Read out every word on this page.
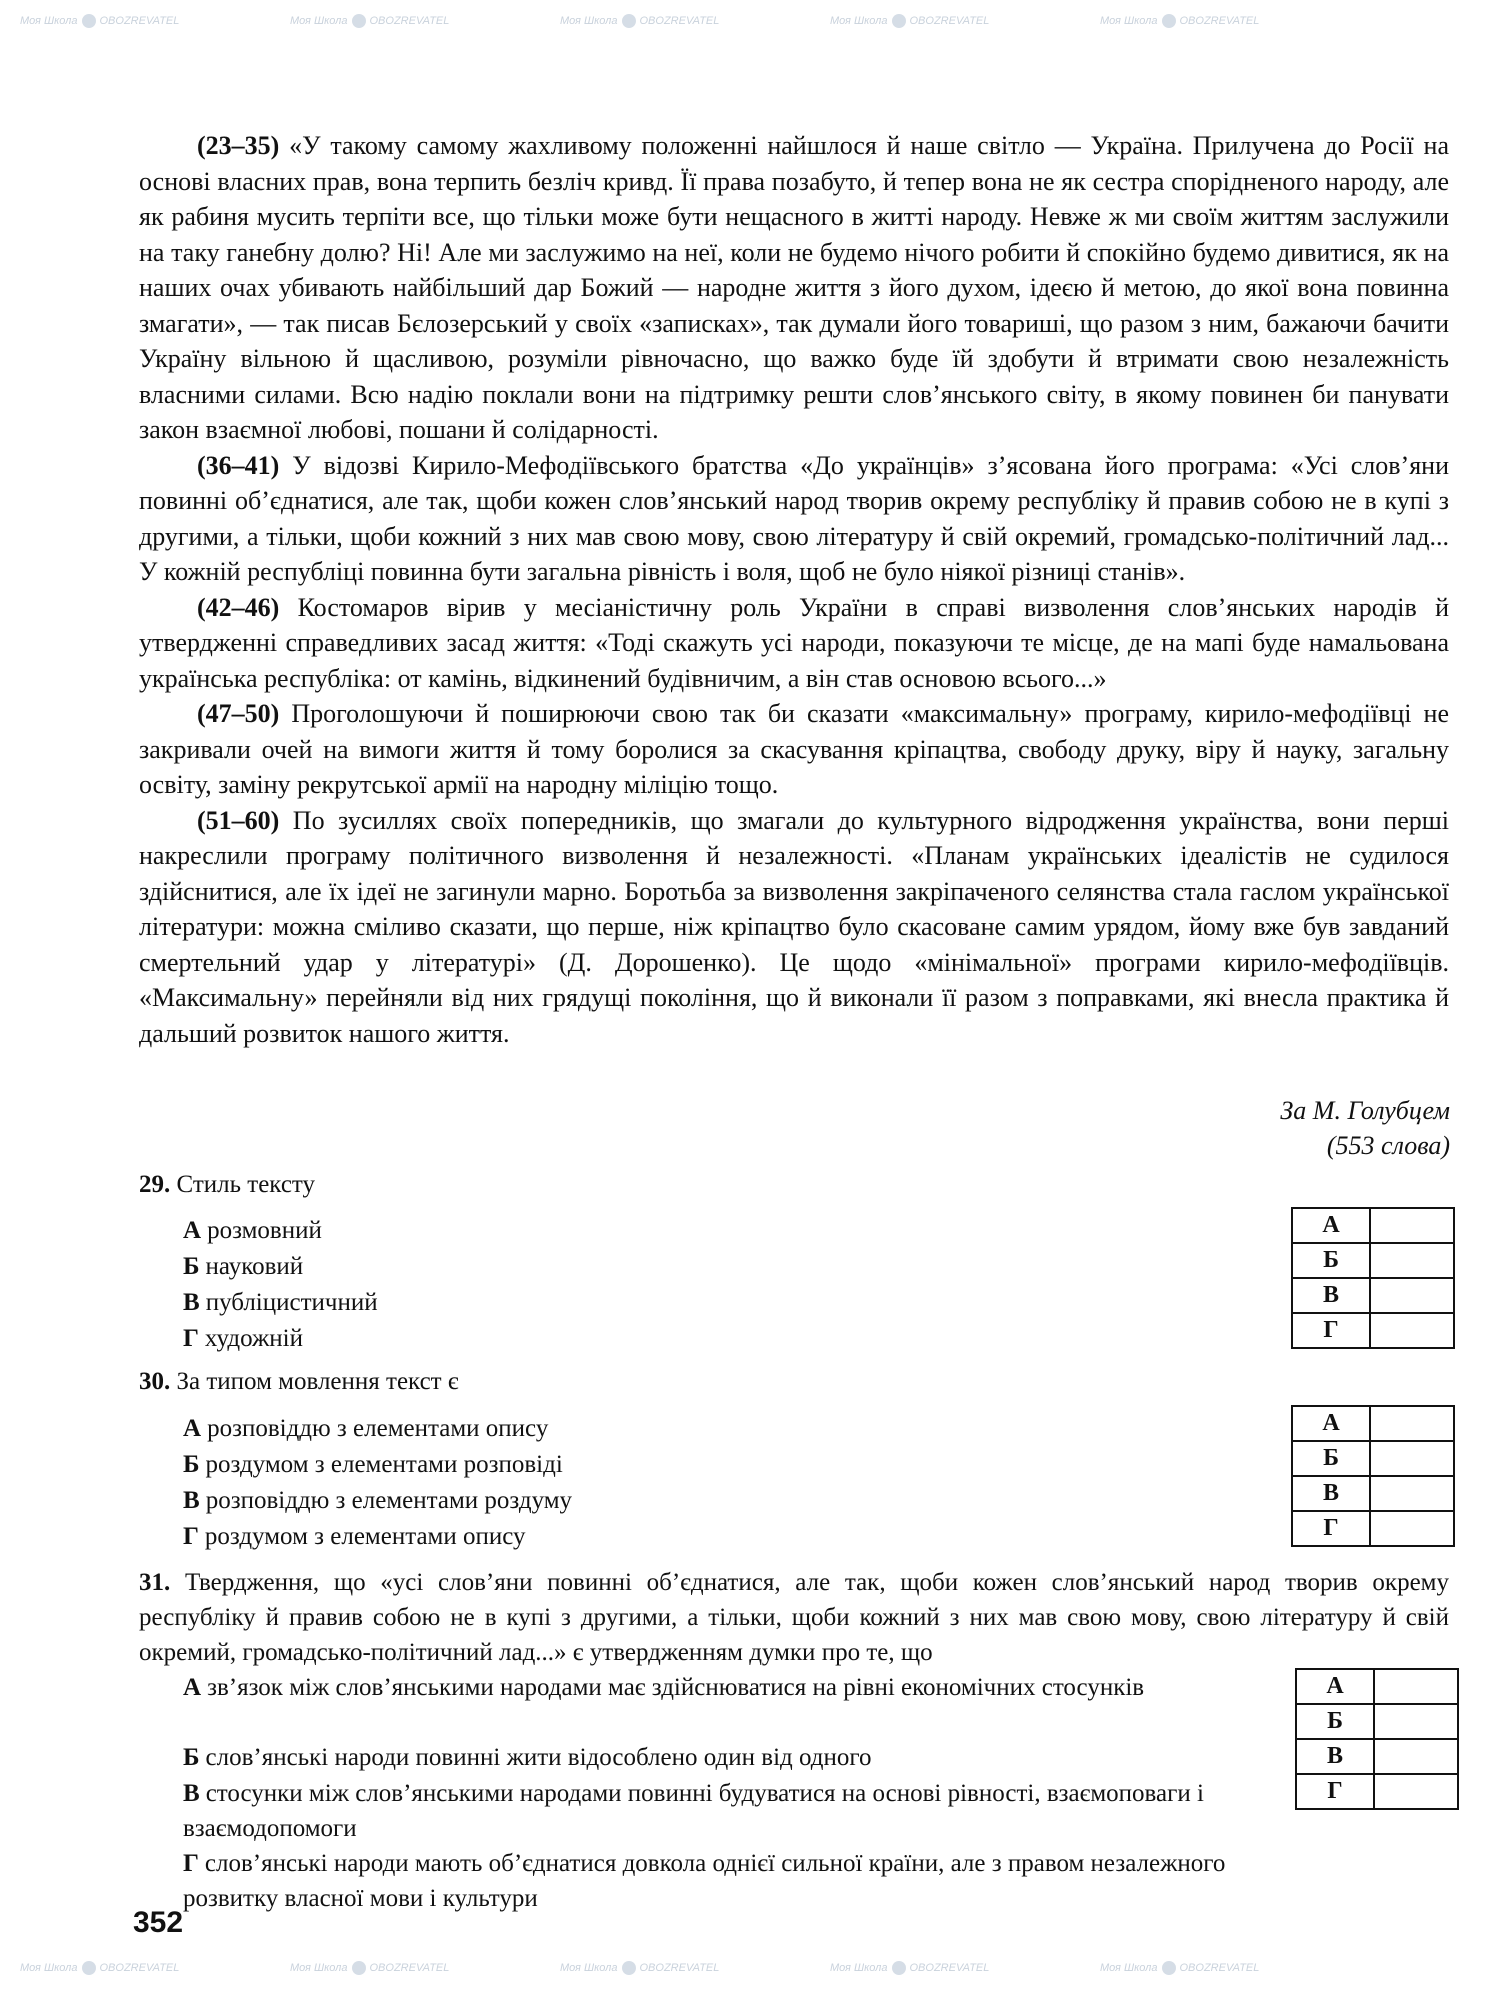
Моя Школа OBOZREVATEL	Моя Школа OBOZREVATEL	Моя Школа OBOZREVATEL	Моя Школа OBOZREVATEL	Моя Школа OBOZREVATEL
Моя Школа OBOZREVATEL	Моя Школа OBOZREVATEL	Моя Школа OBOZREVATEL	Моя Школа OBOZREVATEL	Моя Школа OBOZREVATEL

(23–35) «У такому самому жахливому положенні найшлося й наше світло — Україна. Прилучена до Росії на основі власних прав, вона терпить безліч кривд. Її права позабуто, й тепер вона не як сестра спорідненого народу, але як рабиня мусить терпіти все, що тільки може бути нещасного в житті народу. Невже ж ми своїм життям заслужили на таку ганебну долю? Ні! Але ми заслужимо на неї, коли не будемо нічого робити й спокійно будемо дивитися, як на наших очах убивають найбільший дар Божий — народне життя з його духом, ідеєю й метою, до якої вона повинна змагати», — так писав Бєлозерський у своїх «записках», так думали його товариші, що разом з ним, бажаючи бачити Україну вільною й щасливою, розуміли рівночасно, що важко буде їй здобути й втримати свою незалежність власними силами. Всю надію поклали вони на підтримку решти слов’янського світу, в якому повинен би панувати закон взаємної любові, пошани й солідарності.

(36–41) У відозві Кирило-Мефодіївського братства «До українців» з’ясована його програма: «Усі слов’яни повинні об’єднатися, але так, щоби кожен слов’янський народ творив окрему республіку й правив собою не в купі з другими, а тільки, щоби кожний з них мав свою мову, свою літературу й свій окремий, громадсько-політичний лад... У кожній республіці повинна бути загальна рівність і воля, щоб не було ніякої різниці станів».

(42–46) Костомаров вірив у месіаністичну роль України в справі визволення слов’янських народів й утвердженні справедливих засад життя: «Тоді скажуть усі народи, показуючи те місце, де на мапі буде намальована українська республіка: от камінь, відкинений будівничим, а він став основою всього...»

(47–50) Проголошуючи й поширюючи свою так би сказати «максимальну» програму, кирило-мефодіївці не закривали очей на вимоги життя й тому боролися за скасування кріпацтва, свободу друку, віру й науку, загальну освіту, заміну рекрутської армії на народну міліцію тощо.

(51–60) По зусиллях своїх попередників, що змагали до культурного відродження українства, вони перші накреслили програму політичного визволення й незалежності. «Планам українських ідеалістів не судилося здійснитися, але їх ідеї не загинули марно. Боротьба за визволення закріпаченого селянства стала гаслом української літератури: можна сміливо сказати, що перше, ніж кріпацтво було скасоване самим урядом, йому вже був завданий смертельний удар у літературі» (Д. Дорошенко). Це щодо «мінімальної» програми кирило-мефодіївців. «Максимальну» перейняли від них грядущі покоління, що й виконали її разом з поправками, які внесла практика й дальший розвиток нашого життя.

За М. Голубцем
(553 слова)
29. Стиль тексту
А розмовний
Б науковий
В публіцистичний
Г художній
А	
Б	
В	
Г	
30. За типом мовлення текст є
А розповіддю з елементами опису
Б роздумом з елементами розповіді
В розповіддю з елементами роздуму
Г роздумом з елементами опису
А	
Б	
В	
Г	
31. Твердження, що «усі слов’яни повинні об’єднатися, але так, щоби кожен слов’янський народ творив окрему республіку й правив собою не в купі з другими, а тільки, щоби кожний з них мав свою мову, свою літературу й свій окремий, громадсько-політичний лад...» є утвердженням думки про те, що
А зв’язок між слов’янськими народами має здійснюватися на рівні економічних стосунків
Б слов’янські народи повинні жити відособлено один від одного
В стосунки між слов’янськими народами повинні будуватися на основі рівності, взаємоповаги і взаємодопомоги
Г слов’янські народи мають об’єднатися довкола однієї сильної країни, але з правом незалежного розвитку власної мови і культури
А	
Б	
В	
Г	
352
